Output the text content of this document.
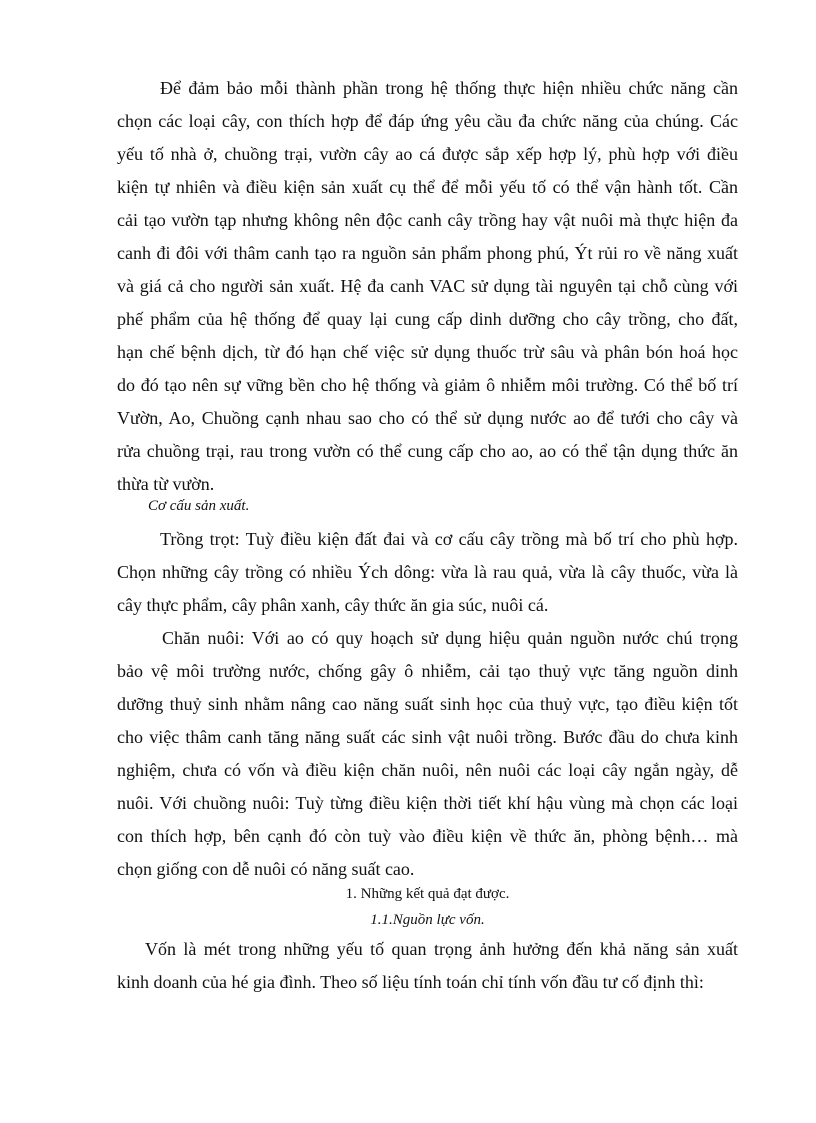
Để đảm bảo mỗi thành phần trong hệ thống thực hiện nhiều chức năng cần
chọn các loại cây, con thích hợp để đáp ứng yêu cầu đa chức năng của chúng. Các
yếu tố nhà ở, chuồng trại, vườn cây ao cá được sắp xếp hợp lý, phù hợp với điều
kiện tự nhiên và điều kiện sản xuất cụ thể để mỗi yếu tố có thể vận hành tốt. Cần
cải tạo vườn tạp nhưng không nên độc canh cây trồng hay vật nuôi mà thực hiện đa
canh đi đôi với thâm canh tạo ra nguồn sản phẩm phong phú, Ýt rủi ro về năng xuất
và giá cả cho người sản xuất. Hệ đa canh VAC sử dụng tài nguyên tại chỗ cùng với
phế phẩm của hệ thống để quay lại cung cấp dinh dưỡng cho cây trồng, cho đất,
hạn chế bệnh dịch, từ đó hạn chế việc sử dụng thuốc trừ sâu và phân bón hoá học
do đó tạo nên sự vững bền cho hệ thống và giảm ô nhiễm môi trường. Có thể bố trí
Vườn, Ao, Chuồng cạnh nhau sao cho có thể sử dụng nước ao để tưới cho cây và
rửa chuồng trại, rau trong vườn có thể cung cấp cho ao, ao có thể tận dụng thức ăn
thừa từ vườn.
Cơ cấu sản xuất.
Trồng trọt: Tuỳ điều kiện đất đai và cơ cấu cây trồng mà bố trí cho phù hợp.
Chọn những cây trồng có nhiều Ých dông: vừa là rau quả, vừa là cây thuốc, vừa là
cây thực phẩm, cây phân xanh, cây thức ăn gia súc, nuôi cá.
Chăn nuôi: Với ao có quy hoạch sử dụng hiệu quản nguồn nước chú trọng
bảo vệ môi trường nước, chống gây ô nhiễm, cải tạo thuỷ vực tăng nguồn dinh
dưỡng thuỷ sinh nhằm nâng cao năng suất sinh học của thuỷ vực, tạo điều kiện tốt
cho việc thâm canh tăng năng suất các sinh vật nuôi trồng. Bước đầu do chưa kinh
nghiệm, chưa có vốn và điều kiện chăn nuôi, nên nuôi các loại cây ngắn ngày, dễ
nuôi. Với chuồng nuôi: Tuỳ từng điều kiện thời tiết khí hậu vùng mà chọn các loại
con thích hợp, bên cạnh đó còn tuỳ vào điều kiện về thức ăn, phòng bệnh… mà
chọn giống con dễ nuôi có năng suất cao.
1. Những kết quả đạt được.
1.1.Nguồn lực vốn.
Vốn là mét trong những yếu tố quan trọng ảnh hưởng đến khả năng sản xuất
kinh doanh của hé gia đình. Theo số liệu tính toán chỉ tính vốn đầu tư cố định thì:
